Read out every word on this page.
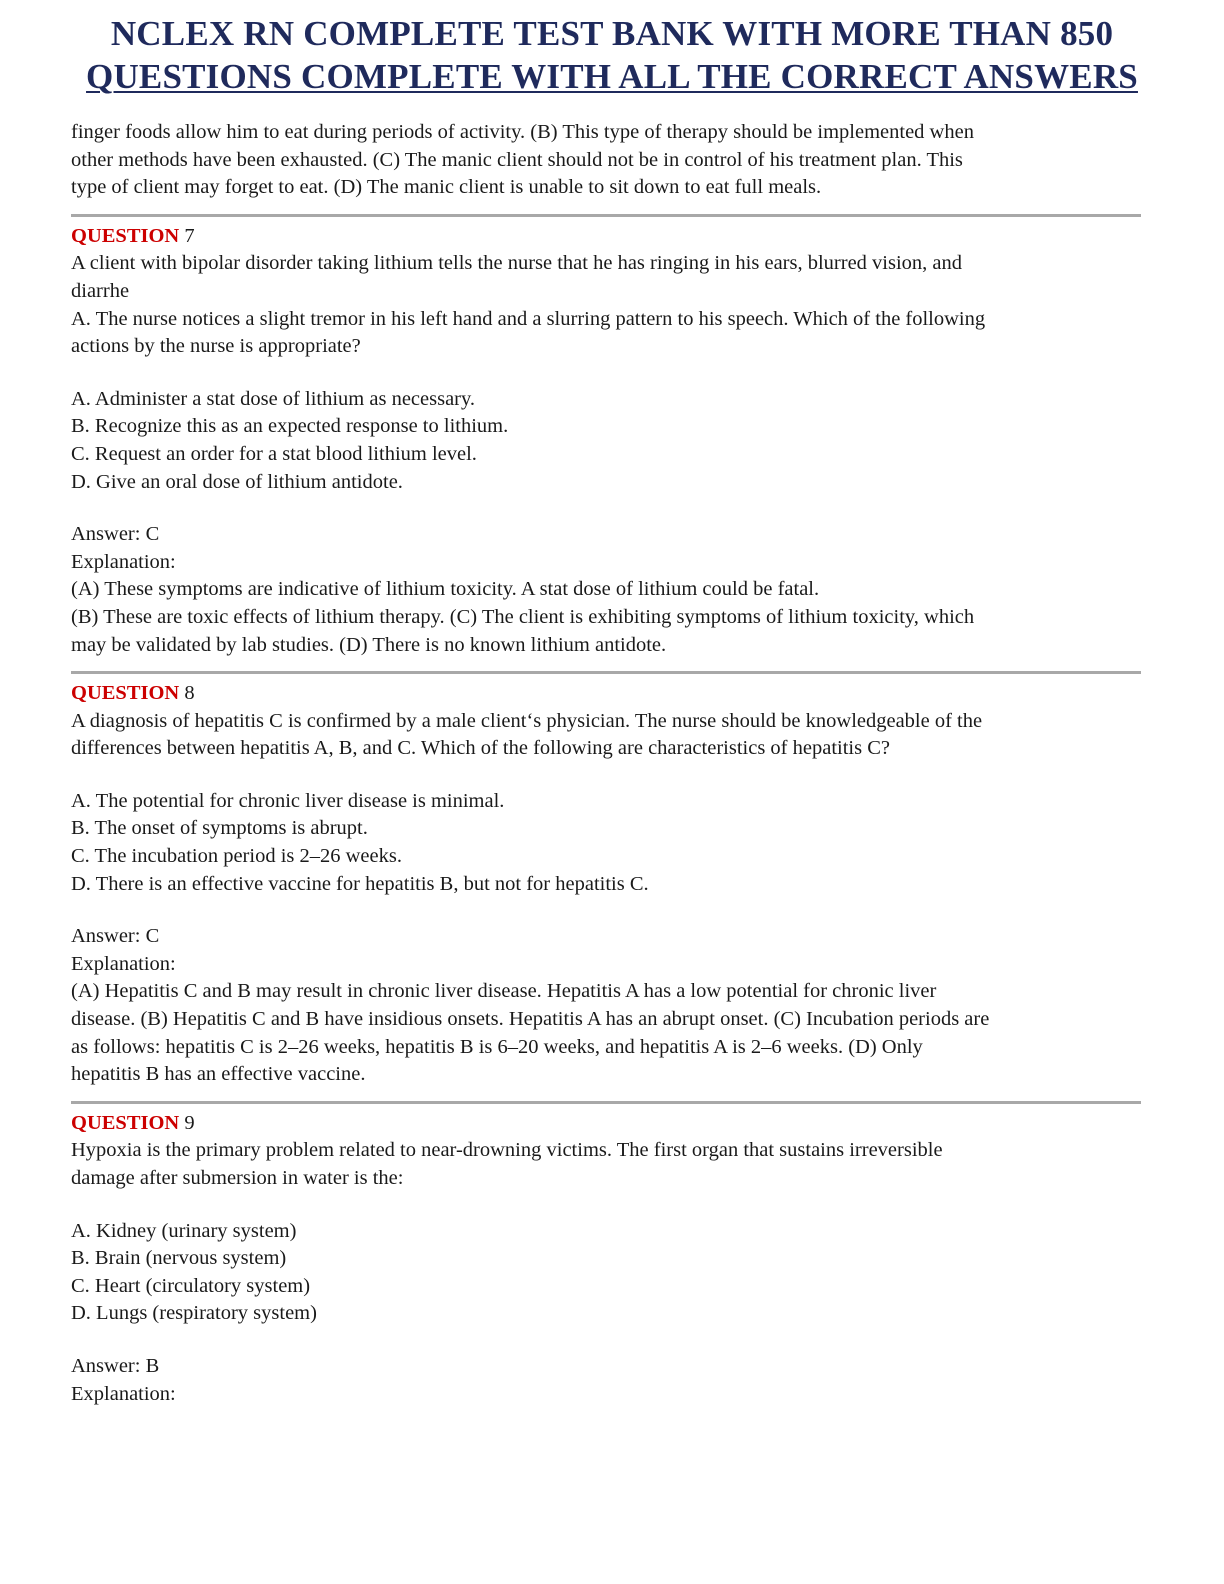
NCLEX RN COMPLETE TEST BANK WITH MORE THAN 850
QUESTIONS COMPLETE WITH ALL THE CORRECT ANSWERS

finger foods allow him to eat during periods of activity. (B) This type of therapy should be implemented when

other methods have been exhausted. (C) The manic client should not be in control of his treatment plan. This

type of client may forget to eat. (D) The manic client is unable to sit down to eat full meals.

QUESTION 7

A client with bipolar disorder taking lithium tells the nurse that he has ringing in his ears, blurred vision, and

diarrhe

A. The nurse notices a slight tremor in his left hand and a slurring pattern to his speech. Which of the following

actions by the nurse is appropriate?

A. Administer a stat dose of lithium as necessary.

B. Recognize this as an expected response to lithium.

C. Request an order for a stat blood lithium level.

D. Give an oral dose of lithium antidote.

Answer: C

Explanation:

(A) These symptoms are indicative of lithium toxicity. A stat dose of lithium could be fatal.

(B) These are toxic effects of lithium therapy. (C) The client is exhibiting symptoms of lithium toxicity, which

may be validated by lab studies. (D) There is no known lithium antidote.

QUESTION 8

A diagnosis of hepatitis C is confirmed by a male client‘s physician. The nurse should be knowledgeable of the

differences between hepatitis A, B, and C. Which of the following are characteristics of hepatitis C?

A. The potential for chronic liver disease is minimal.

B. The onset of symptoms is abrupt.

C. The incubation period is 2–26 weeks.

D. There is an effective vaccine for hepatitis B, but not for hepatitis C.

Answer: C

Explanation:

(A) Hepatitis C and B may result in chronic liver disease. Hepatitis A has a low potential for chronic liver

disease. (B) Hepatitis C and B have insidious onsets. Hepatitis A has an abrupt onset. (C) Incubation periods are

as follows: hepatitis C is 2–26 weeks, hepatitis B is 6–20 weeks, and hepatitis A is 2–6 weeks. (D) Only

hepatitis B has an effective vaccine.

QUESTION 9

Hypoxia is the primary problem related to near-drowning victims. The first organ that sustains irreversible

damage after submersion in water is the:

A. Kidney (urinary system)

B. Brain (nervous system)

C. Heart (circulatory system)

D. Lungs (respiratory system)

Answer: B

Explanation:
